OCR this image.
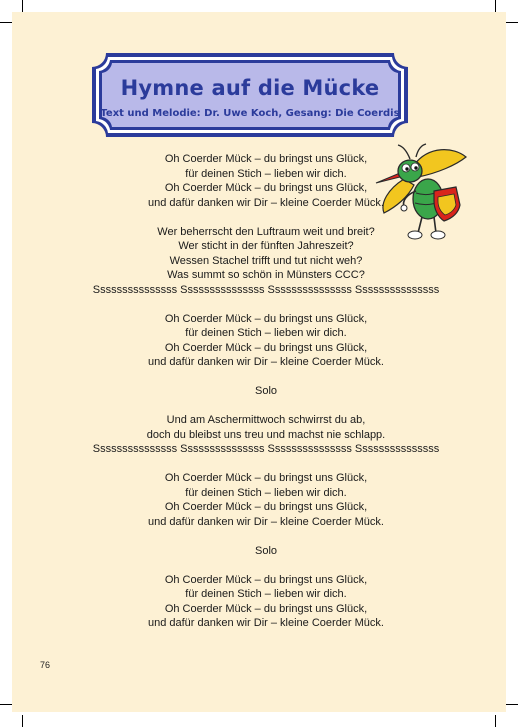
Hymne auf die Mücke
Text und Melodie: Dr. Uwe Koch, Gesang: Die Coerdis
Oh Coerder Mück – du bringst uns Glück,
für deinen Stich – lieben wir dich.
Oh Coerder Mück – du bringst uns Glück,
und dafür danken wir Dir – kleine Coerder Mück.
Wer beherrscht den Luftraum weit und breit?
Wer sticht in der fünften Jahreszeit?
Wessen Stachel trifft und tut nicht weh?
Was summt so schön in Münsters CCC?
Sssssssssssssss Sssssssssssssss Sssssssssssssss Sssssssssssssss
Oh Coerder Mück – du bringst uns Glück,
für deinen Stich – lieben wir dich.
Oh Coerder Mück – du bringst uns Glück,
und dafür danken wir Dir – kleine Coerder Mück.
Solo
Und am Aschermittwoch schwirrst du ab,
doch du bleibst uns treu und machst nie schlapp.
Sssssssssssssss Sssssssssssssss Sssssssssssssss Sssssssssssssss
Oh Coerder Mück – du bringst uns Glück,
für deinen Stich – lieben wir dich.
Oh Coerder Mück – du bringst uns Glück,
und dafür danken wir Dir – kleine Coerder Mück.
Solo
Oh Coerder Mück – du bringst uns Glück,
für deinen Stich – lieben wir dich.
Oh Coerder Mück – du bringst uns Glück,
und dafür danken wir Dir – kleine Coerder Mück.
76
